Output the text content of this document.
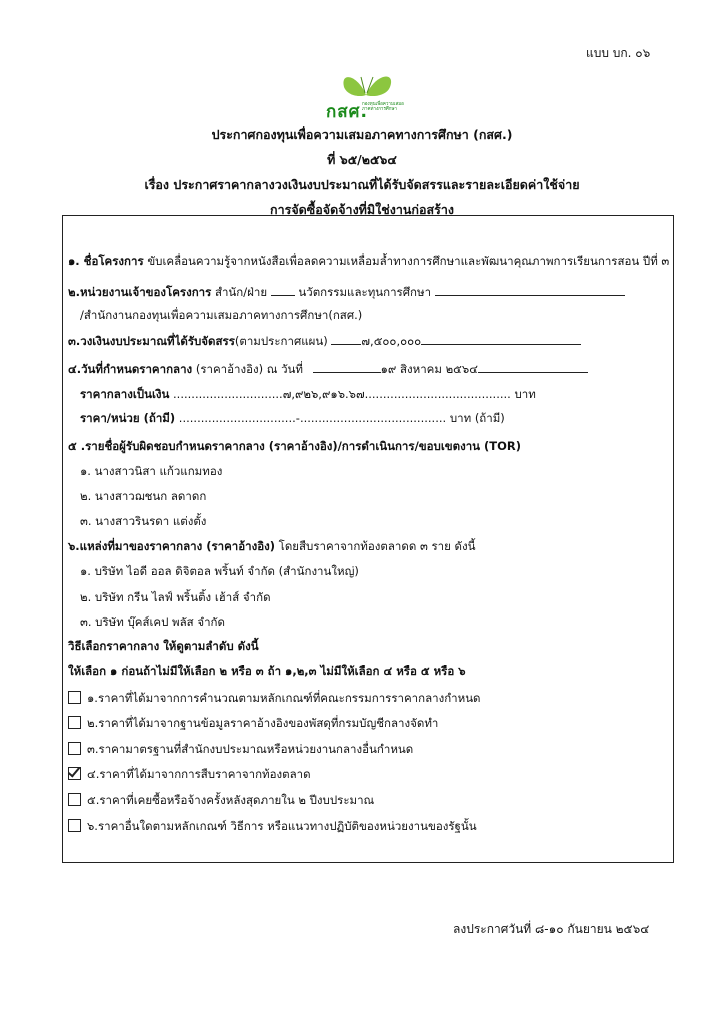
แบบ บก. ๐๖
กสศ.
กองทุนเพื่อความเสมอภาคทางการศึกษา
ประกาศกองทุนเพื่อความเสมอภาคทางการศึกษา (กสศ.)
ที่ ๖๕/๒๕๖๔
เรื่อง ประกาศราคากลางวงเงินงบประมาณที่ได้รับจัดสรรและรายละเอียดค่าใช้จ่าย
การจัดซื้อจัดจ้างที่มิใช่งานก่อสร้าง
๑. ชื่อโครงการ ขับเคลื่อนความรู้จากหนังสือเพื่อลดความเหลื่อมล้ำทางการศึกษาและพัฒนาคุณภาพการเรียนการสอน ปีที่ ๓
๒.หน่วยงานเจ้าของโครงการ สำนัก/ฝ่าย	นวัตกรรมและทุนการศึกษา
/สำนักงานกองทุนเพื่อความเสมอภาคทางการศึกษา(กสศ.)
๓.วงเงินงบประมาณที่ได้รับจัดสรร(ตามประกาศแผน)	๗,๕๐๐,๐๐๐
๔.วันที่กำหนดราคากลาง (ราคาอ้างอิง) ณ วันที่	๑๙ สิงหาคม ๒๕๖๔
ราคากลางเป็นเงิน ..............................๗,๙๒๖,๙๑๖.๖๗........................................ บาท
ราคา/หน่วย (ถ้ามี) ................................-........................................ บาท (ถ้ามี)
๕ .รายชื่อผู้รับผิดชอบกำหนดราคากลาง (ราคาอ้างอิง)/การดำเนินการ/ขอบเขตงาน (TOR)
๑. นางสาวนิสา แก้วแกมทอง
๒. นางสาวฌชนก ลดาดก
๓. นางสาวรินรดา แต่งตั้ง
๖.แหล่งที่มาของราคากลาง (ราคาอ้างอิง) โดยสืบราคาจากท้องตลาดด ๓ ราย ดังนี้
๑. บริษัท ไอดี ออล ดิจิตอล พริ้นท์ จำกัด (สำนักงานใหญ่)
๒. บริษัท กรีน ไลฟ์ พริ้นติ้ง เฮ้าส์ จำกัด
๓. บริษัท บุ๊คส์เคป พลัส จำกัด
วิธีเลือกราคากลาง ให้ดูตามลำดับ ดังนี้
ให้เลือก ๑ ก่อนถ้าไม่มีให้เลือก ๒ หรือ ๓ ถ้า ๑,๒,๓ ไม่มีให้เลือก ๔ หรือ ๕ หรือ ๖
๑.ราคาที่ได้มาจากการคำนวณตามหลักเกณฑ์ที่คณะกรรมการราคากลางกำหนด
๒.ราคาที่ได้มาจากฐานข้อมูลราคาอ้างอิงของพัสดุที่กรมบัญชีกลางจัดทำ
๓.ราคามาตรฐานที่สำนักงบประมาณหรือหน่วยงานกลางอื่นกำหนด
๔.ราคาที่ได้มาจากการสืบราคาจากท้องตลาด
๕.ราคาที่เคยซื้อหรือจ้างครั้งหลังสุดภายใน ๒ ปีงบประมาณ
๖.ราคาอื่นใดตามหลักเกณฑ์ วิธีการ หรือแนวทางปฏิบัติของหน่วยงานของรัฐนั้น
ลงประกาศวันที่ ๘-๑๐ กันยายน ๒๕๖๔
